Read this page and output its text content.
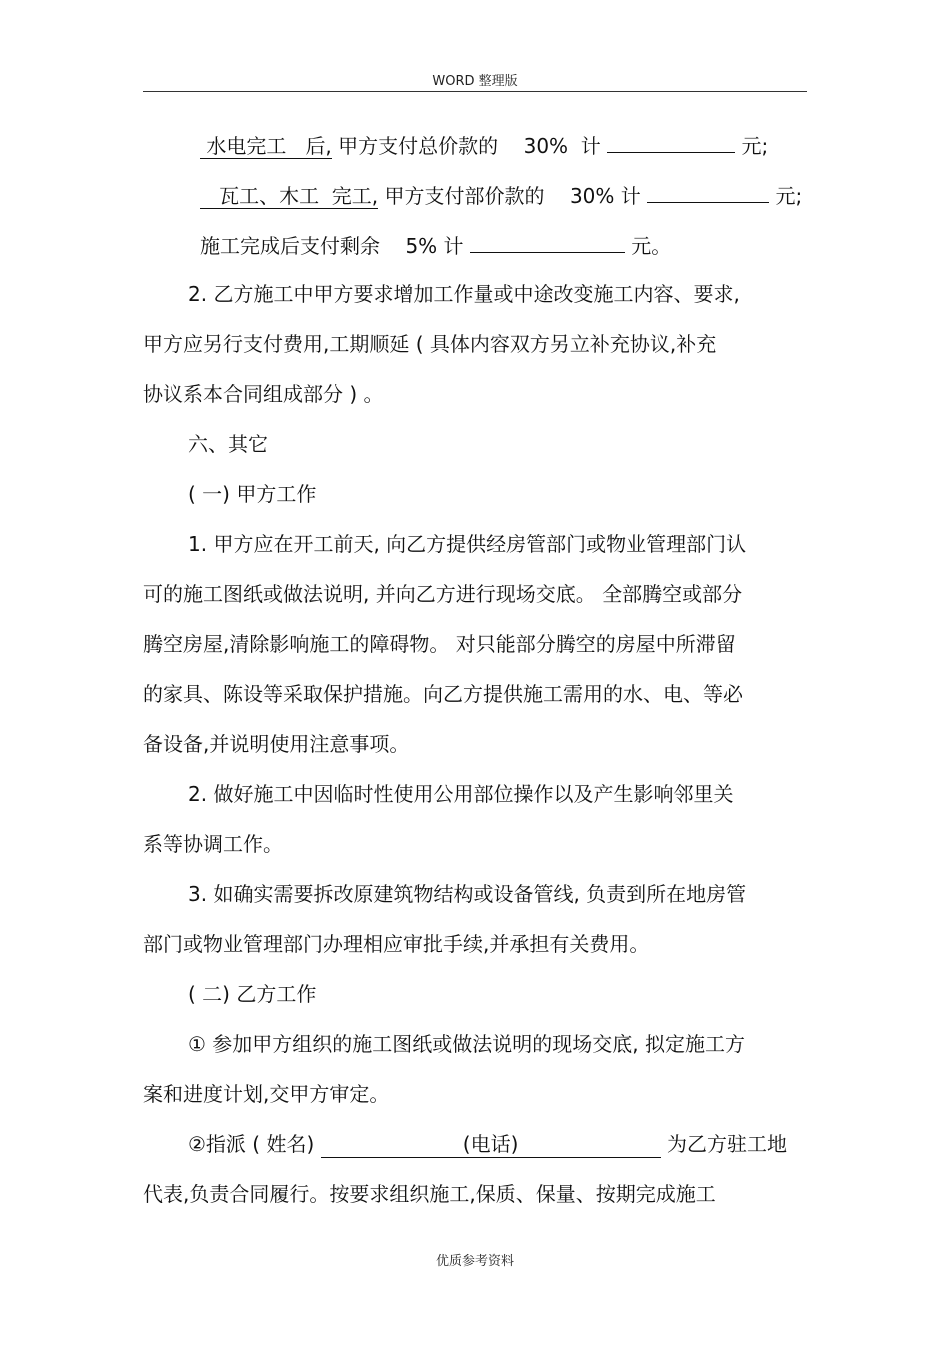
WORD 整理版
水电完工 后, 甲方支付总价款的 30% 计	元;
瓦工、木工 完工, 甲方支付部价款的 30% 计	元;
施工完成后支付剩余 5% 计	元。
2. 乙方施工中甲方要求增加工作量或中途改变施工内容、要求,
甲方应另行支付费用,工期顺延 ( 具体内容双方另立补充协议,补充
协议系本合同组成部分 ) 。
六、其它
( 一) 甲方工作
1. 甲方应在开工前天, 向乙方提供经房管部门或物业管理部门认
可的施工图纸或做法说明, 并向乙方进行现场交底。 全部腾空或部分
腾空房屋,清除影响施工的障碍物。 对只能部分腾空的房屋中所滞留
的家具、陈设等采取保护措施。向乙方提供施工需用的水、电、等必
备设备,并说明使用注意事项。
2. 做好施工中因临时性使用公用部位操作以及产生影响邻里关
系等协调工作。
3. 如确实需要拆改原建筑物结构或设备管线, 负责到所在地房管
部门或物业管理部门办理相应审批手续,并承担有关费用。
( 二) 乙方工作
① 参加甲方组织的施工图纸或做法说明的现场交底, 拟定施工方
案和进度计划,交甲方审定。
②指派 ( 姓名)	(电话)	为乙方驻工地
代表,负责合同履行。按要求组织施工,保质、保量、按期完成施工
优质参考资料
